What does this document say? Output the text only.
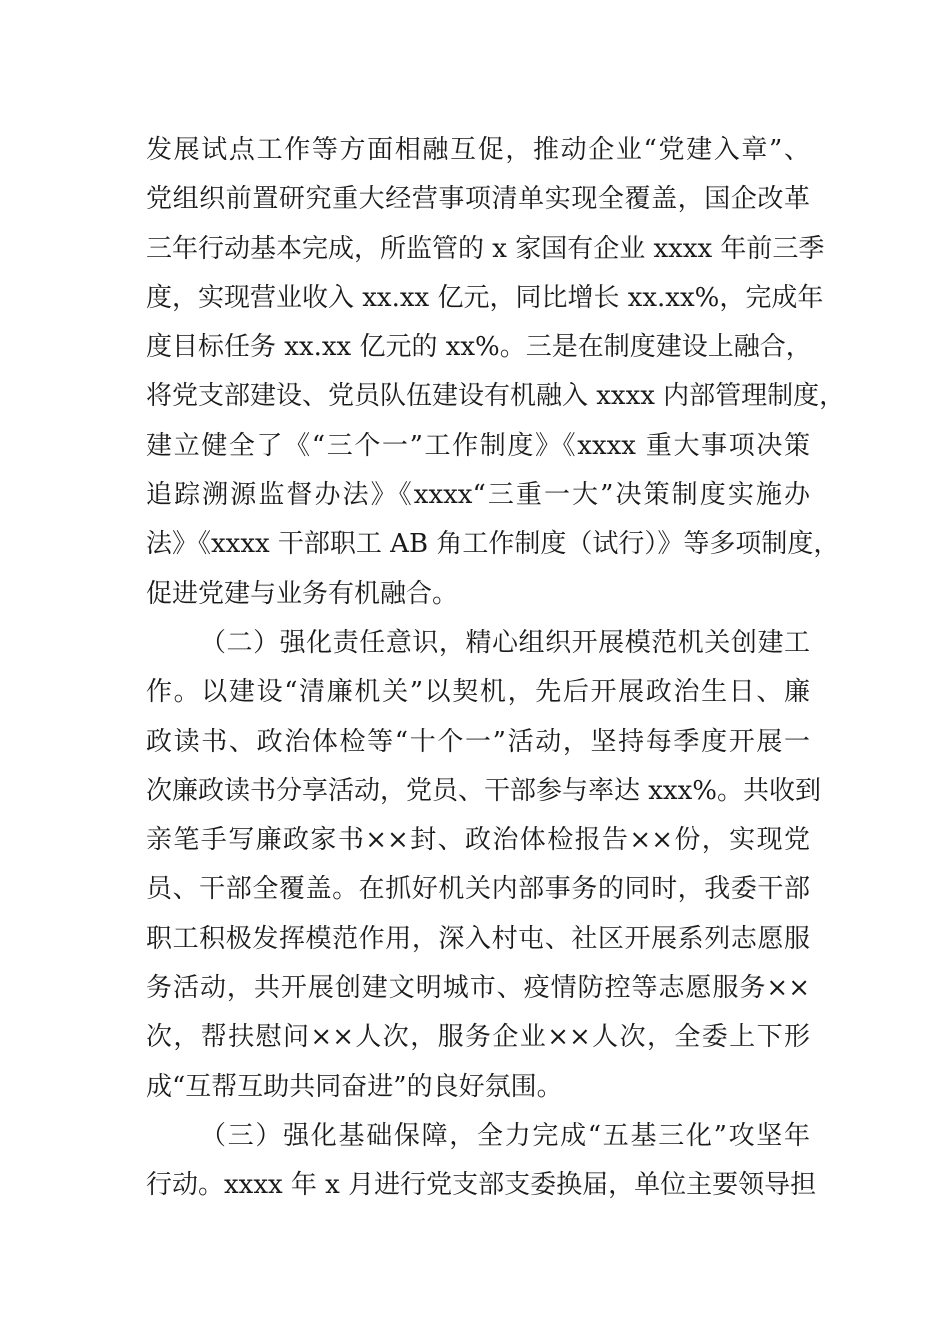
发展试点工作等方面相融互促，推动企业“党建入章”、
党组织前置研究重大经营事项清单实现全覆盖，国企改革
三年行动基本完成，所监管的 x 家国有企业 xxxx 年前三季
度，实现营业收入 xx.xx 亿元，同比增长 xx.xx%，完成年
度目标任务 xx.xx 亿元的 xx%。三是在制度建设上融合，
将党支部建设、党员队伍建设有机融入 xxxx 内部管理制度，
建立健全了《“三个一”工作制度》《xxxx 重大事项决策
追踪溯源监督办法》《xxxx“三重一大”决策制度实施办
法》《xxxx 干部职工 AB 角工作制度（试行）》等多项制度，
促进党建与业务有机融合。
（二）强化责任意识，精心组织开展模范机关创建工
作。以建设“清廉机关”以契机，先后开展政治生日、廉
政读书、政治体检等“十个一”活动，坚持每季度开展一
次廉政读书分享活动，党员、干部参与率达 xxx%。共收到
亲笔手写廉政家书××封、政治体检报告××份，实现党
员、干部全覆盖。在抓好机关内部事务的同时，我委干部
职工积极发挥模范作用，深入村屯、社区开展系列志愿服
务活动，共开展创建文明城市、疫情防控等志愿服务××
次，帮扶慰问××人次，服务企业××人次，全委上下形
成“互帮互助共同奋进”的良好氛围。
（三）强化基础保障，全力完成“五基三化”攻坚年
行动。xxxx 年 x 月进行党支部支委换届，单位主要领导担
